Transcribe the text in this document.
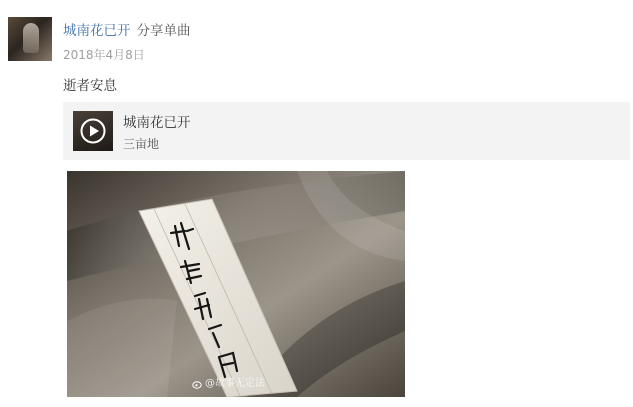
城南花已开 分享单曲
2018年4月8日
逝者安息
城南花已开
三亩地
@故事无定法
